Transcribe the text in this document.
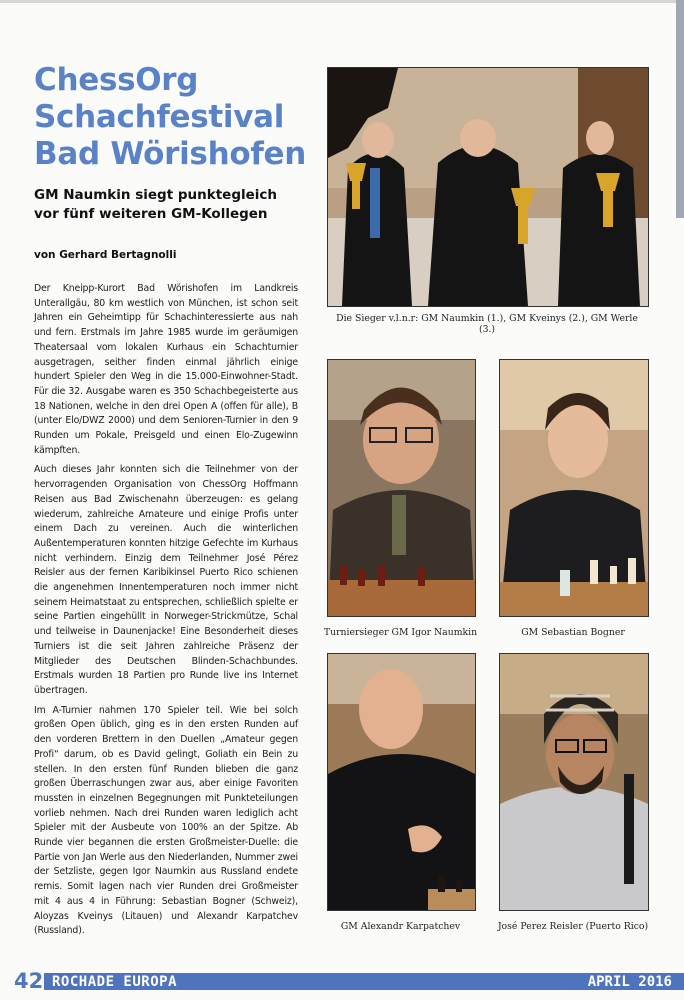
ChessOrg
Schachfestival
Bad Wörishofen
GM Naumkin siegt punktegleich vor fünf weiteren GM-Kollegen

von Gerhard Bertagnolli

Der Kneipp-Kurort Bad Wörishofen im Landkreis Unterallgäu, 80 km westlich von München, ist schon seit Jahren ein Geheimtipp für Schachinteressierte aus nah und fern. Erstmals im Jahre 1985 wurde im geräumigen Theatersaal vom lokalen Kurhaus ein Schachturnier ausgetragen, seither finden einmal jährlich einige hundert Spieler den Weg in die 15.000-Einwohner-Stadt. Für die 32. Ausgabe waren es 350 Schachbegeisterte aus 18 Nationen, welche in den drei Open A (offen für alle), B (unter Elo/DWZ 2000) und dem Senioren-Turnier in den 9 Runden um Pokale, Preisgeld und einen Elo-Zugewinn kämpften.

Auch dieses Jahr konnten sich die Teilnehmer von der hervorragenden Organisation von ChessOrg Hoffmann Reisen aus Bad Zwischenahn überzeugen: es gelang wiederum, zahlreiche Amateure und einige Profis unter einem Dach zu vereinen. Auch die winterlichen Außentemperaturen konnten hitzige Gefechte im Kurhaus nicht verhindern. Einzig dem Teilnehmer José Pérez Reisler aus der fernen Karibikinsel Puerto Rico schienen die angenehmen Innentemperaturen noch immer nicht seinem Heimatstaat zu entsprechen, schließlich spielte er seine Partien eingehüllt in Norweger-Strickmütze, Schal und teilweise in Daunenjacke! Eine Besonderheit dieses Turniers ist die seit Jahren zahlreiche Präsenz der Mitglieder des Deutschen Blinden-Schachbundes. Erstmals wurden 18 Partien pro Runde live ins Internet übertragen.

Im A-Turnier nahmen 170 Spieler teil. Wie bei solch großen Open üblich, ging es in den ersten Runden auf den vorderen Brettern in den Duellen „Amateur gegen Profi“ darum, ob es David gelingt, Goliath ein Bein zu stellen. In den ersten fünf Runden blieben die ganz großen Überraschungen zwar aus, aber einige Favoriten mussten in einzelnen Begegnungen mit Punkteteilungen vorlieb nehmen. Nach drei Runden waren lediglich acht Spieler mit der Ausbeute von 100% an der Spitze. Ab Runde vier begannen die ersten Großmeister-Duelle: die Partie von Jan Werle aus den Niederlanden, Nummer zwei der Setzliste, gegen Igor Naumkin aus Russland endete remis. Somit lagen nach vier Runden drei Großmeister mit 4 aus 4 in Führung: Sebastian Bogner (Schweiz), Aloyzas Kveinys (Litauen) und Alexandr Karpatchev (Russland).

Die Sieger v.l.n.r: GM Naumkin (1.), GM Kveinys (2.), GM Werle (3.)
Turniersieger GM Igor Naumkin	GM Sebastian Bogner
GM Alexandr Karpatchev	José Perez Reisler (Puerto Rico)
42 ROCHADE EUROPA	APRIL 2016
